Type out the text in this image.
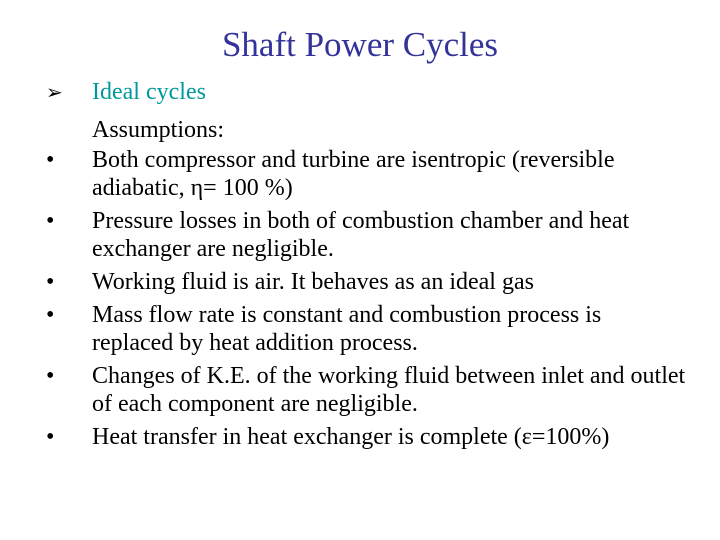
Shaft Power Cycles
➢ Ideal cycles
Assumptions:
•	Both compressor and turbine are isentropic (reversible adiabatic, η= 100 %)
•	Pressure losses in both of combustion chamber and heat exchanger are negligible.
•	Working fluid is air. It behaves as an ideal gas
•	Mass flow rate is constant and combustion process is replaced by heat addition process.
•	Changes of K.E. of the working fluid between inlet and outlet of each component are negligible.
•	Heat transfer in heat exchanger is complete (ε=100%)
